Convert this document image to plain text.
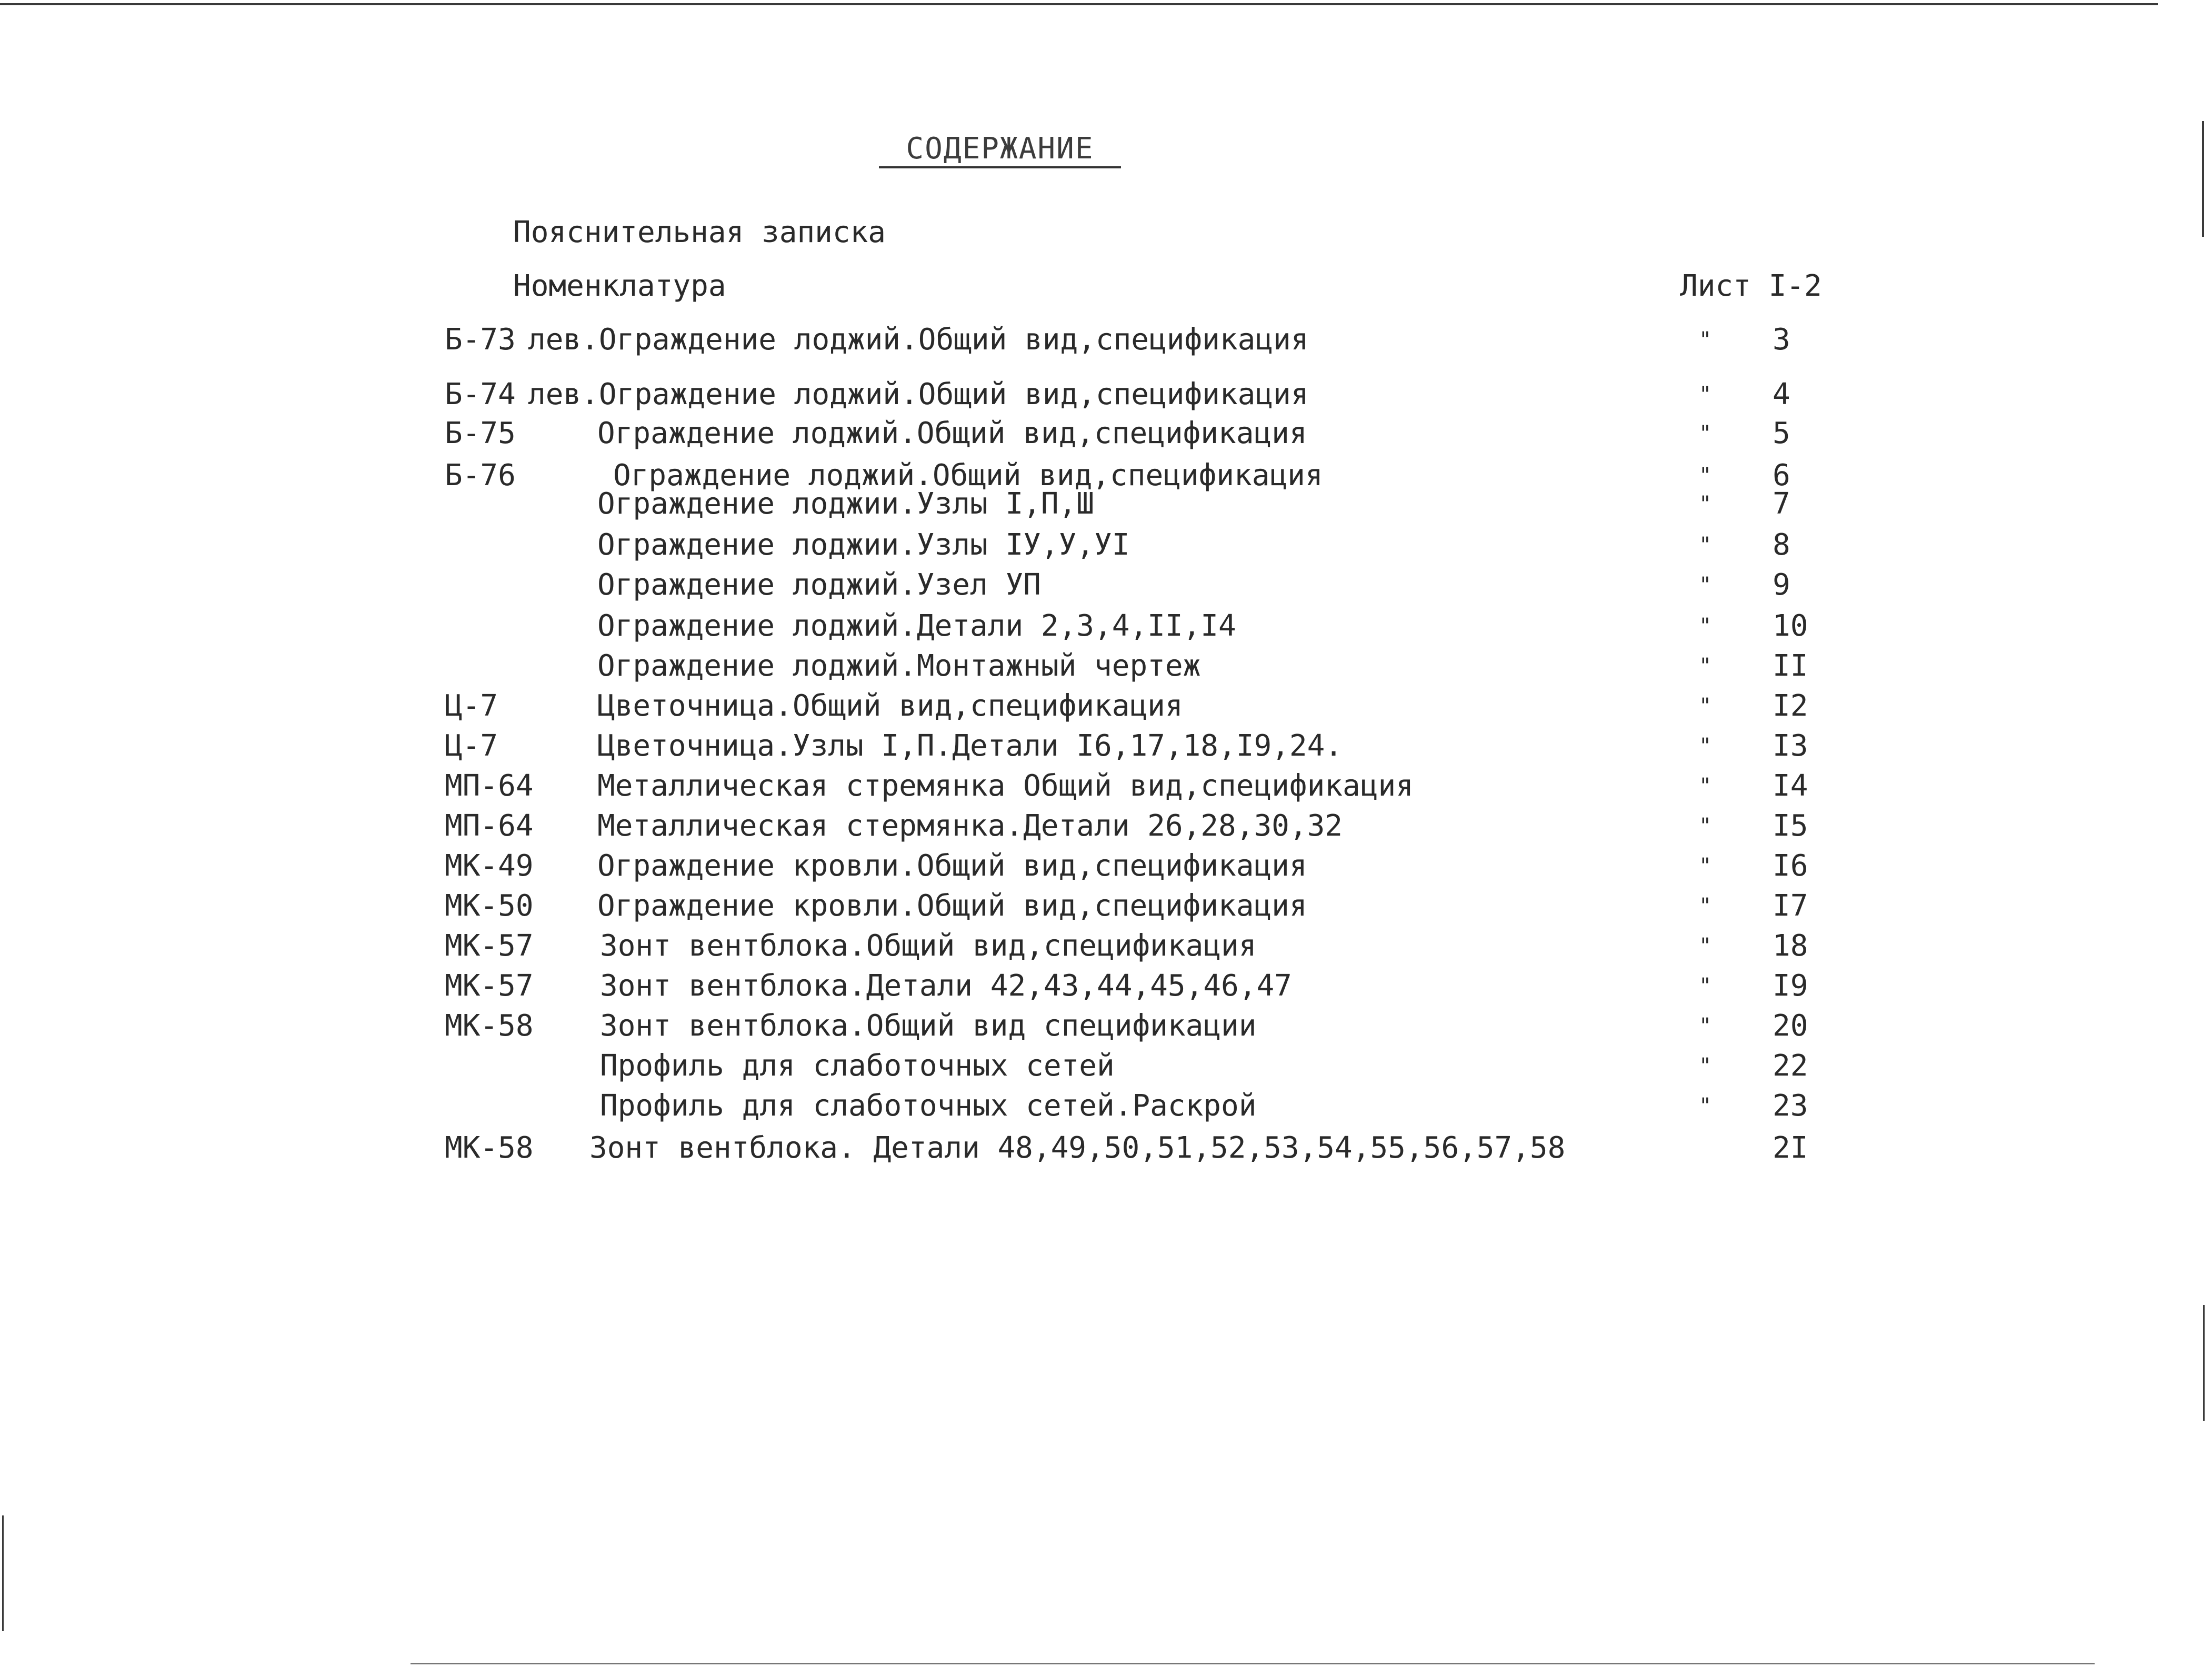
СОДЕРЖАНИЕ
Пояснительная записка
Номенклатура	Лист I-2
Б-73 лев.Ограждение лоджий.Общий вид,спецификация	" 3
Б-74 лев.Ограждение лоджий.Общий вид,спецификация	" 4
Б-75	Ограждение лоджий.Общий вид,спецификация	" 5
Б-76	Ограждение лоджий.Общий вид,спецификация	" 6
Ограждение лоджии.Узлы I,П,Ш	" 7
Ограждение лоджии.Узлы IУ,У,УI	" 8
Ограждение лоджий.Узел УП	" 9
Ограждение лоджий.Детали 2,3,4,II,I4	" 10
Ограждение лоджий.Монтажный чертеж	" II
Ц-7	Цветочница.Общий вид,спецификация	" I2
Ц-7	Цветочница.Узлы I,П.Детали I6,17,18,I9,24.	" I3
МП-64 Металлическая стремянка Общий вид,спецификация	" I4
МП-64 Металлическая стермянка.Детали 26,28,30,32	" I5
МК-49 Ограждение кровли.Общий вид,спецификация	" I6
МК-50 Ограждение кровли.Общий вид,спецификация	" I7
МК-57 Зонт вентблока.Общий вид,спецификация	" 18
МК-57 Зонт вентблока.Детали 42,43,44,45,46,47	" I9
МК-58 Зонт вентблока.Общий вид спецификации	" 20
Профиль для слаботочных сетей	" 22
Профиль для слаботочных сетей.Раскрой	" 23
МК-58 Зонт вентблока. Детали 48,49,50,51,52,53,54,55,56,57,58	2I
